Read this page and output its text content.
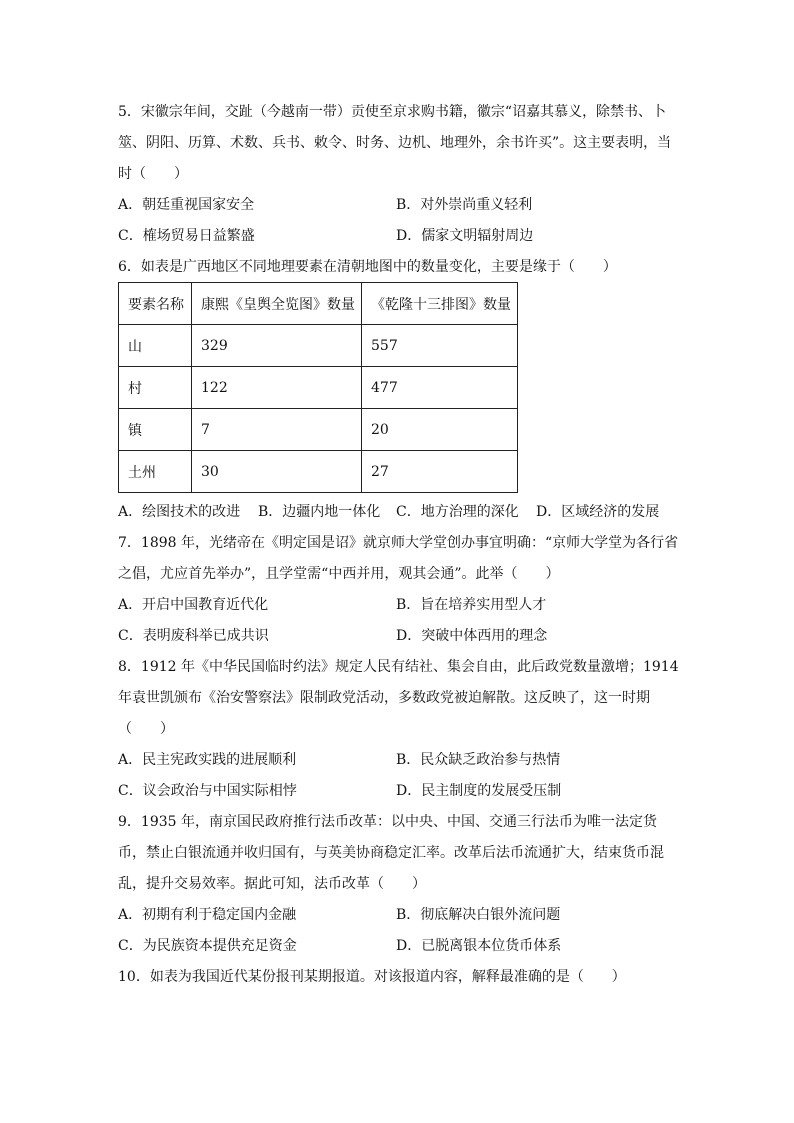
5．宋徽宗年间，交趾（今越南一带）贡使至京求购书籍，徽宗“诏嘉其慕义，除禁书、卜
筮、阴阳、历算、术数、兵书、敕令、时务、边机、地理外，余书许买”。这主要表明，当
时（　　）
A．朝廷重视国家安全	B．对外崇尚重义轻利
C．榷场贸易日益繁盛	D．儒家文明辐射周边
6．如表是广西地区不同地理要素在清朝地图中的数量变化，主要是缘于（　　）
要素名称	康熙《皇舆全览图》数量	《乾隆十三排图》数量
山	329	557
村	122	477
镇	7	20
土州	30	27
A．绘图技术的改进 B．边疆内地一体化 C．地方治理的深化 D．区域经济的发展
7．1898 年，光绪帝在《明定国是诏》就京师大学堂创办事宜明确：“京师大学堂为各行省
之倡，尤应首先举办”，且学堂需“中西并用，观其会通”。此举（　　）
A．开启中国教育近代化	B．旨在培养实用型人才
C．表明废科举已成共识	D．突破中体西用的理念
8．1912 年《中华民国临时约法》规定人民有结社、集会自由，此后政党数量激增；1914
年袁世凯颁布《治安警察法》限制政党活动，多数政党被迫解散。这反映了，这一时期
（　　）
A．民主宪政实践的进展顺利	B．民众缺乏政治参与热情
C．议会政治与中国实际相悖	D．民主制度的发展受压制
9．1935 年，南京国民政府推行法币改革：以中央、中国、交通三行法币为唯一法定货
币，禁止白银流通并收归国有，与英美协商稳定汇率。改革后法币流通扩大，结束货币混
乱，提升交易效率。据此可知，法币改革（　　）
A．初期有利于稳定国内金融	B．彻底解决白银外流问题
C．为民族资本提供充足资金	D．已脱离银本位货币体系
10．如表为我国近代某份报刊某期报道。对该报道内容，解释最准确的是（　　）
